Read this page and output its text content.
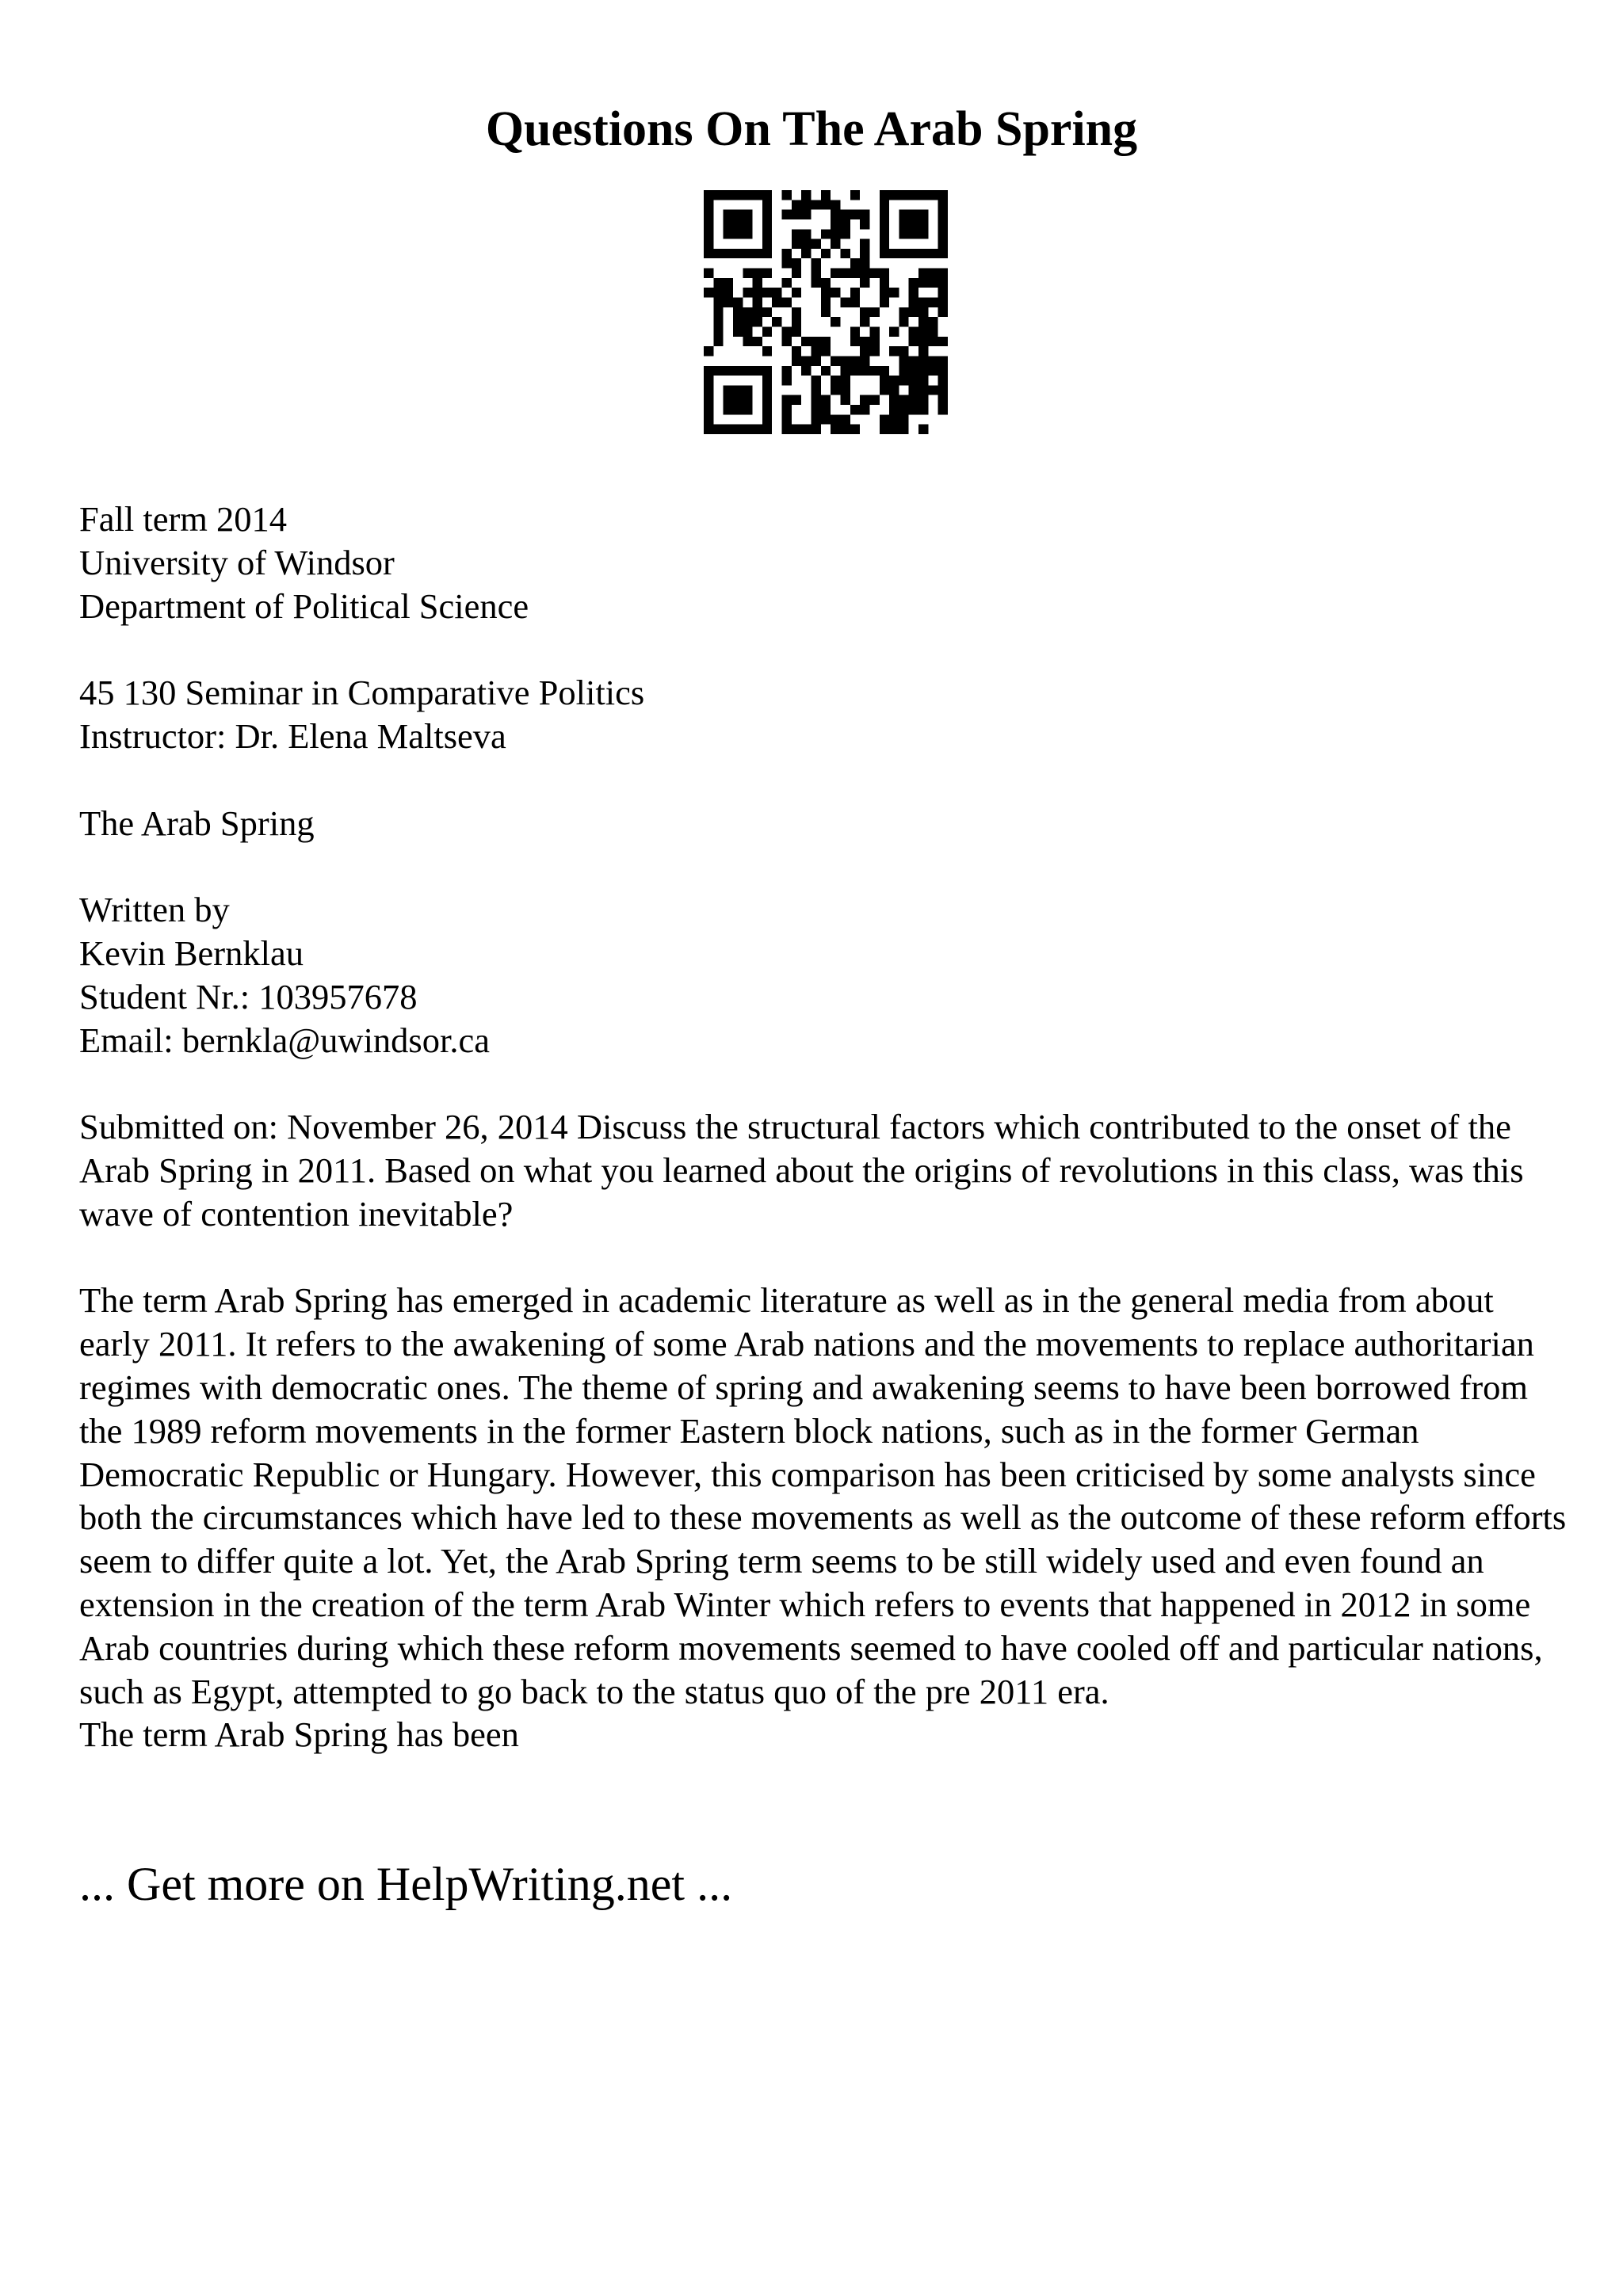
Questions On The Arab Spring

Fall term 2014
University of Windsor
Department of Political Science

45 130 Seminar in Comparative Politics
Instructor: Dr. Elena Maltseva

The Arab Spring

Written by
Kevin Bernklau
Student Nr.: 103957678
Email: bernkla@uwindsor.ca

Submitted on: November 26, 2014 Discuss the structural factors which contributed to the onset of the Arab Spring in 2011. Based on what you learned about the origins of revolutions in this class, was this wave of contention inevitable?

The term Arab Spring has emerged in academic literature as well as in the general media from about early 2011. It refers to the awakening of some Arab nations and the movements to replace authoritarian regimes with democratic ones. The theme of spring and awakening seems to have been borrowed from the 1989 reform movements in the former Eastern block nations, such as in the former German Democratic Republic or Hungary. However, this comparison has been criticised by some analysts since both the circumstances which have led to these movements as well as the outcome of these reform efforts seem to differ quite a lot. Yet, the Arab Spring term seems to be still widely used and even found an extension in the creation of the term Arab Winter which refers to events that happened in 2012 in some Arab countries during which these reform movements seemed to have cooled off and particular nations, such as Egypt, attempted to go back to the status quo of the pre 2011 era.
The term Arab Spring has been

... Get more on HelpWriting.net ...
